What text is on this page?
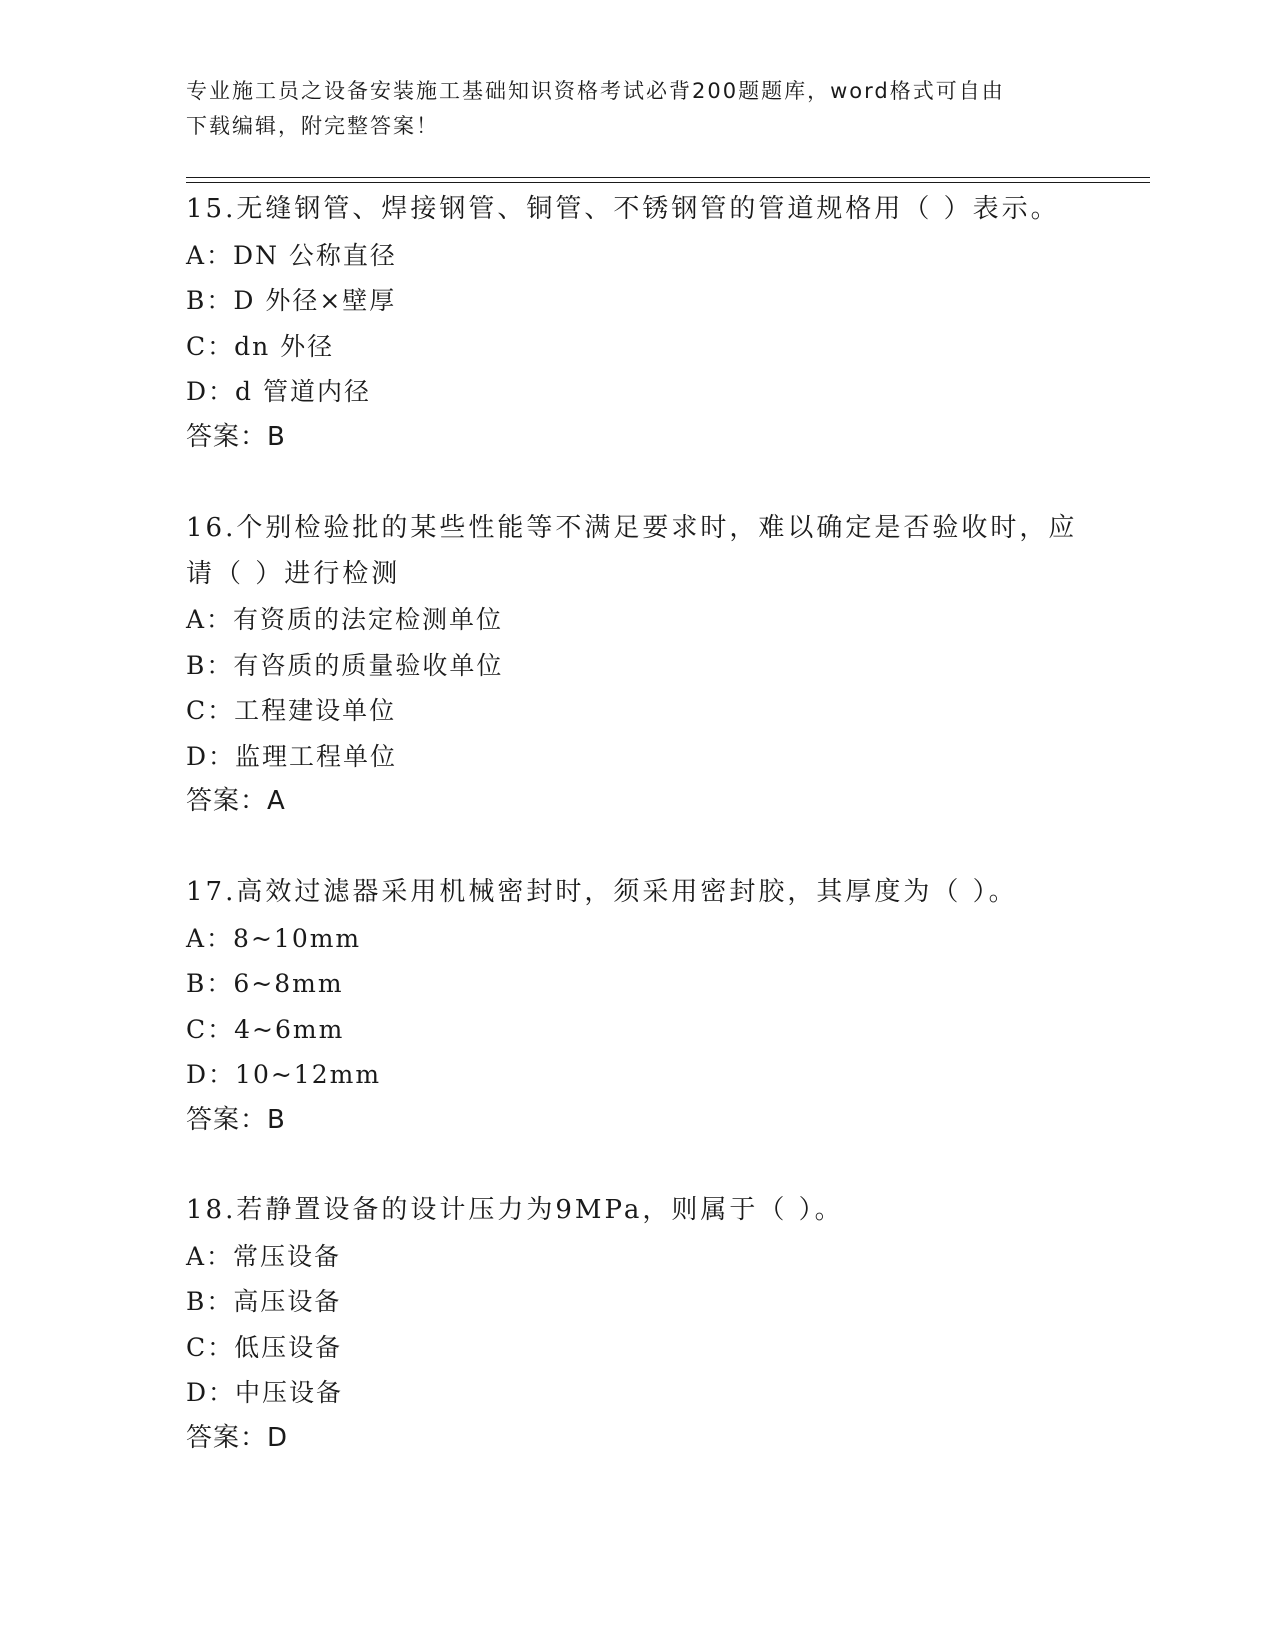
专业施工员之设备安装施工基础知识资格考试必背200题题库，word格式可自由
下载编辑，附完整答案！

15.无缝钢管、焊接钢管、铜管、不锈钢管的管道规格用（ ）表示。

A：DN 公称直径

B：D 外径×壁厚

C：dn 外径

D：d 管道内径

答案：B

16.个别检验批的某些性能等不满足要求时，难以确定是否验收时，应请（ ）进行检测

A：有资质的法定检测单位

B：有咨质的质量验收单位

C：工程建设单位

D：监理工程单位

答案：A

17.高效过滤器采用机械密封时，须采用密封胶，其厚度为（ ）。

A：8~10mm

B：6~8mm

C：4~6mm

D：10~12mm

答案：B

18.若静置设备的设计压力为9MPa，则属于（ ）。

A：常压设备

B：高压设备

C：低压设备

D：中压设备

答案：D
